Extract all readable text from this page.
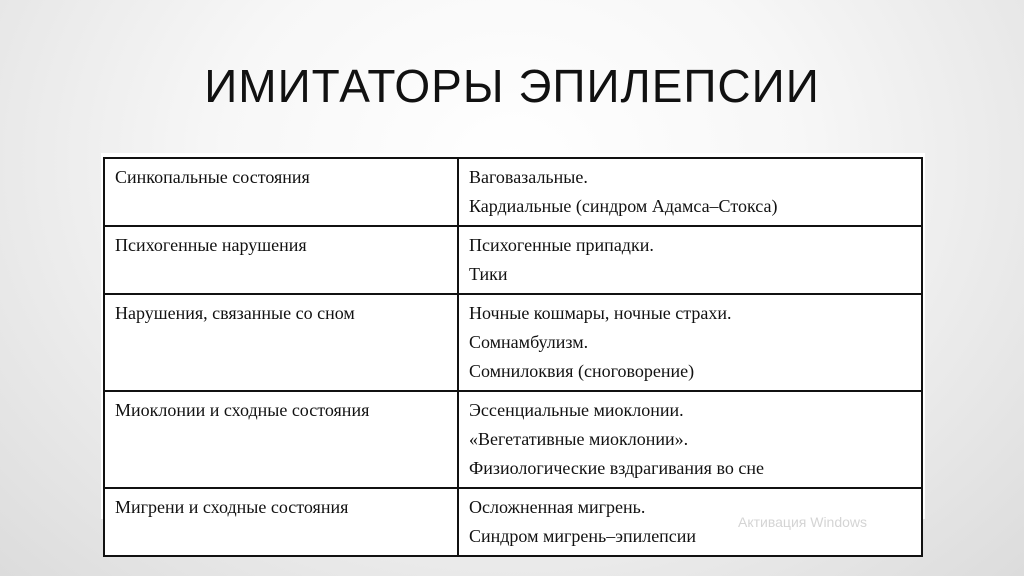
ИМИТАТОРЫ ЭПИЛЕПСИИ
Синкопальные состояния	Ваговазальные.
Кардиальные (синдром Адамса–Стокса)

Психогенные нарушения	Психогенные припадки.
Тики

Нарушения, связанные со сном	Ночные кошмары, ночные страхи.
Сомнамбулизм.
Сомнилоквия (сноговорение)

Миоклонии и сходные состояния	Эссенциальные миоклонии.
«Вегетативные миоклонии».
Физиологические вздрагивания во сне

Мигрени и сходные состояния	Осложненная мигрень.
Синдром мигрень–эпилепсии
Активация Windows
